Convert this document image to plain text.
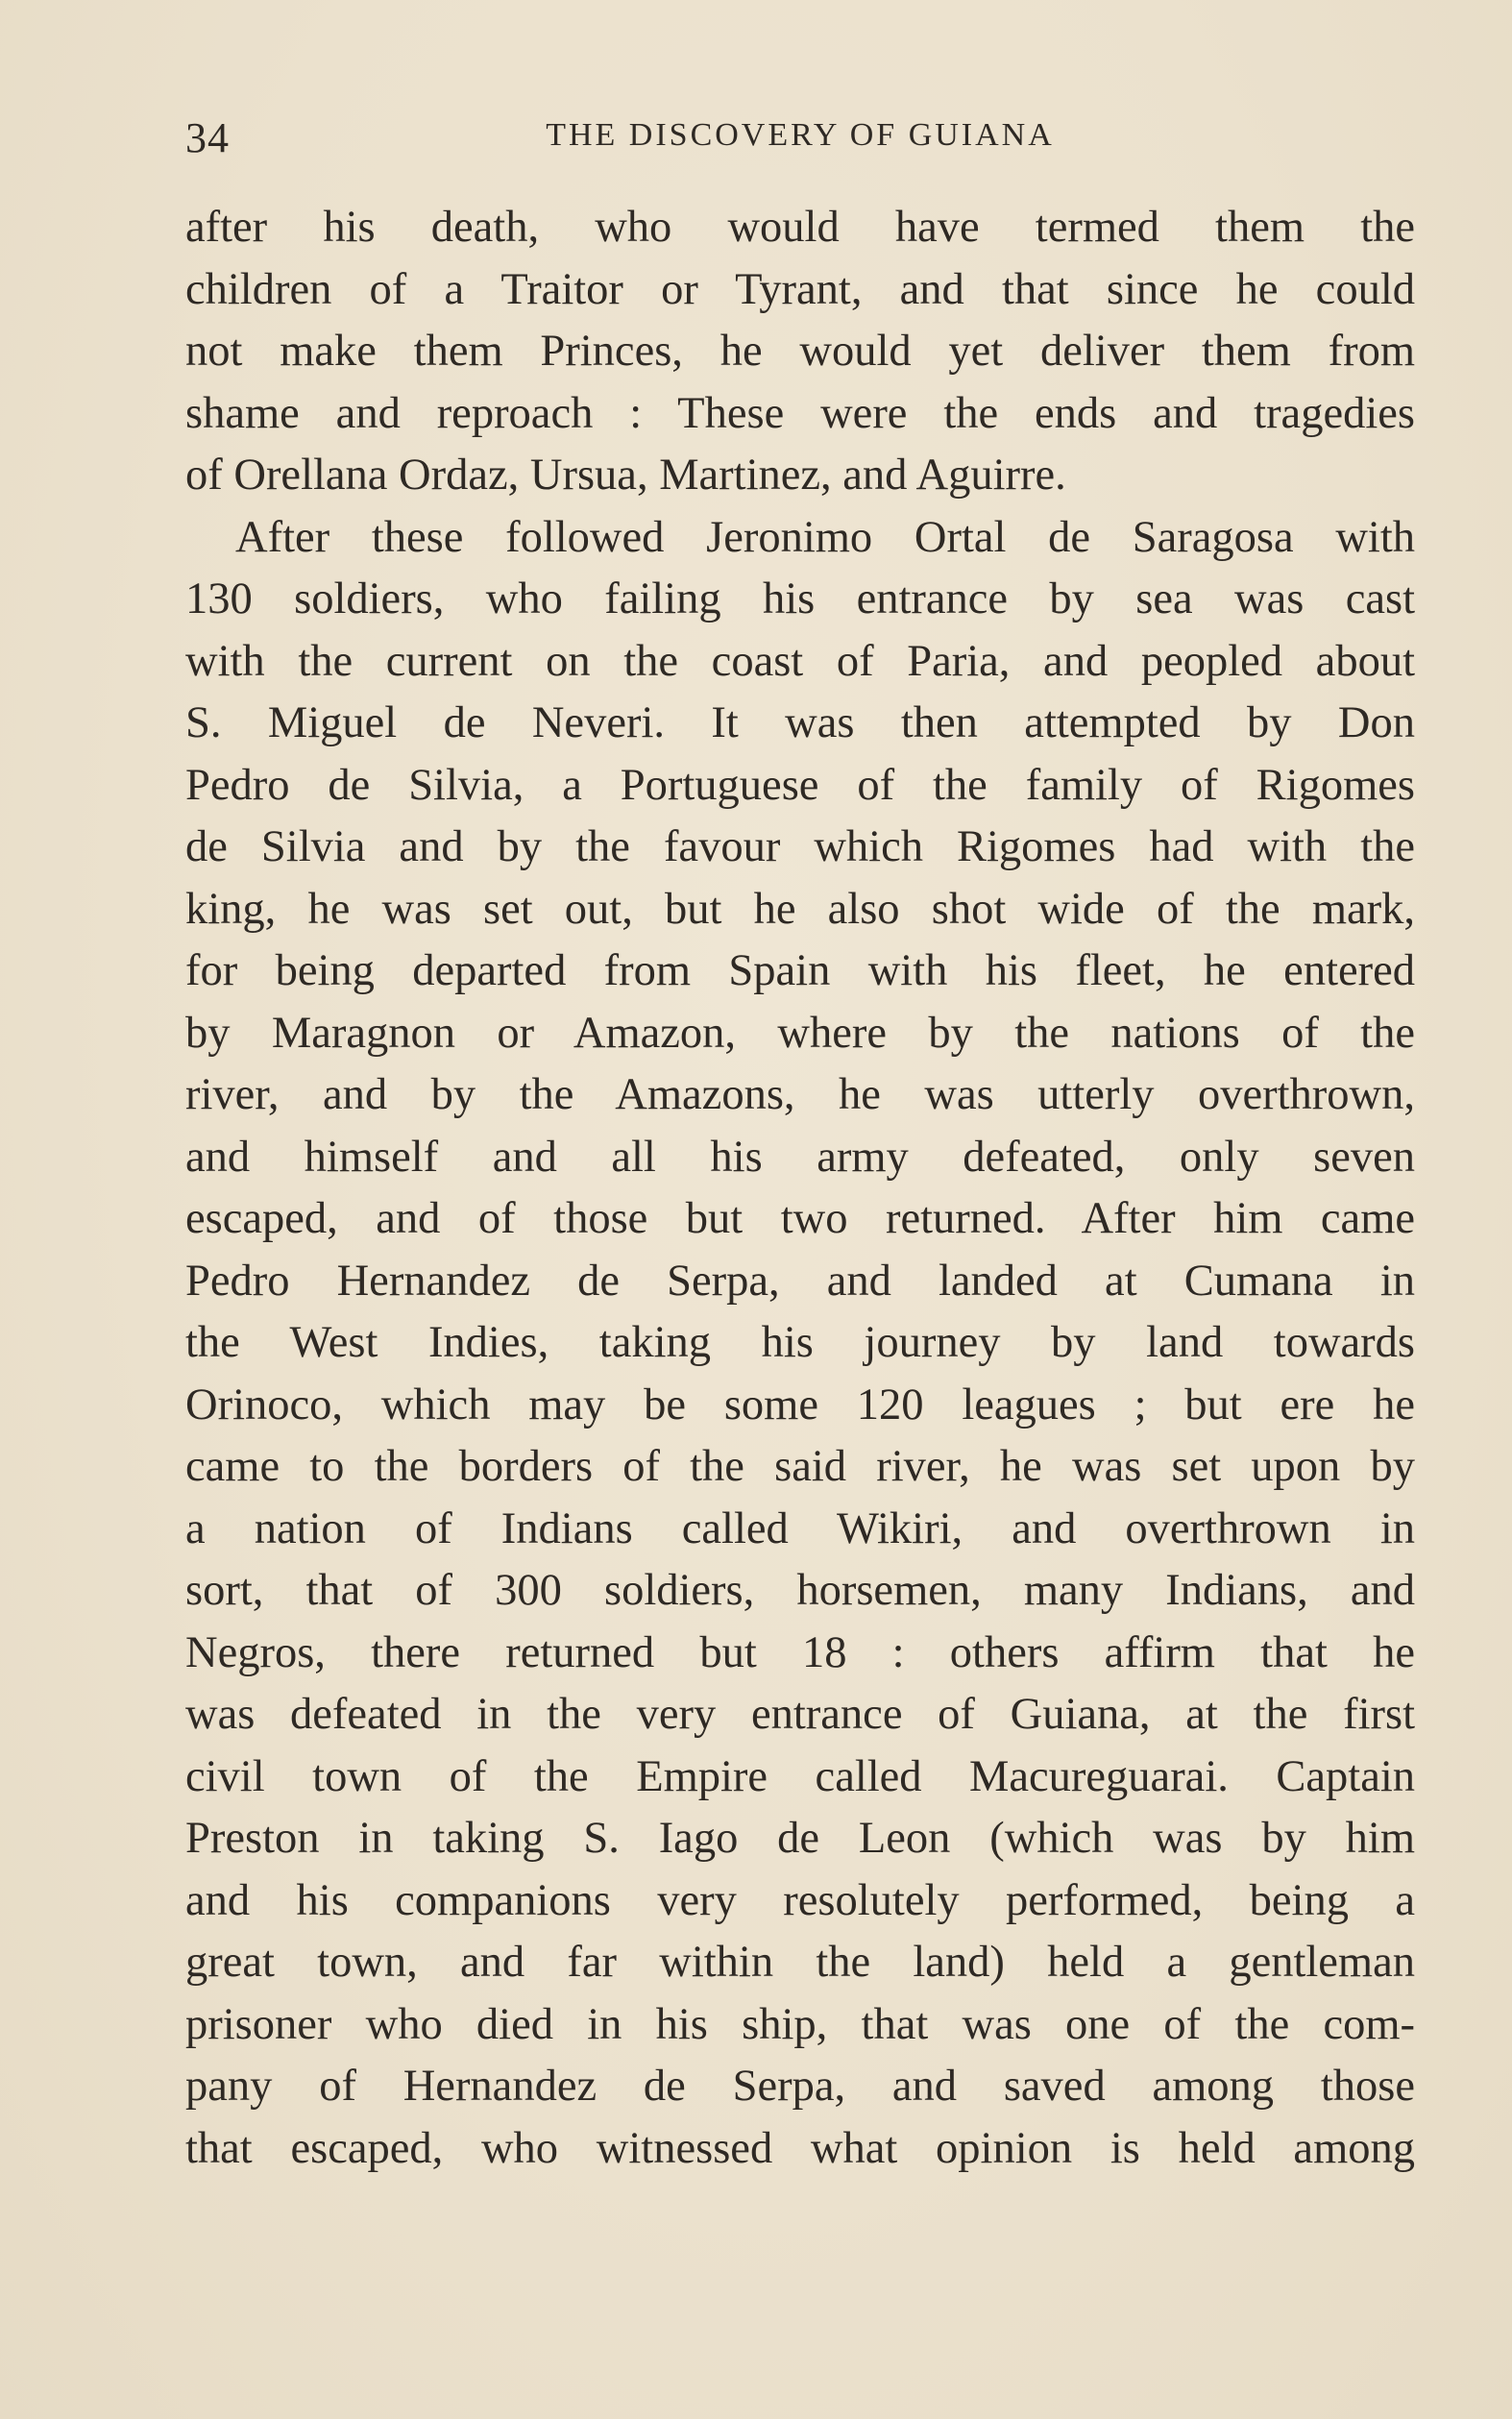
34	THE DISCOVERY OF GUIANA
after his death, who would have termed them the
children of a Traitor or Tyrant, and that since he could
not make them Princes, he would yet deliver them from
shame and reproach : These were the ends and tragedies
of Orellana Ordaz, Ursua, Martinez, and Aguirre.
After these followed Jeronimo Ortal de Saragosa with
130 soldiers, who failing his entrance by sea was cast
with the current on the coast of Paria, and peopled about
S. Miguel de Neveri. It was then attempted by Don
Pedro de Silvia, a Portuguese of the family of Rigomes
de Silvia and by the favour which Rigomes had with the
king, he was set out, but he also shot wide of the mark,
for being departed from Spain with his fleet, he entered
by Maragnon or Amazon, where by the nations of the
river, and by the Amazons, he was utterly overthrown,
and himself and all his army defeated, only seven
escaped, and of those but two returned. After him came
Pedro Hernandez de Serpa, and landed at Cumana in
the West Indies, taking his journey by land towards
Orinoco, which may be some 120 leagues ; but ere he
came to the borders of the said river, he was set upon by
a nation of Indians called Wikiri, and overthrown in
sort, that of 300 soldiers, horsemen, many Indians, and
Negros, there returned but 18 : others affirm that he
was defeated in the very entrance of Guiana, at the first
civil town of the Empire called Macureguarai. Captain
Preston in taking S. Iago de Leon (which was by him
and his companions very resolutely performed, being a
great town, and far within the land) held a gentleman
prisoner who died in his ship, that was one of the com-
pany of Hernandez de Serpa, and saved among those
that escaped, who witnessed what opinion is held among
